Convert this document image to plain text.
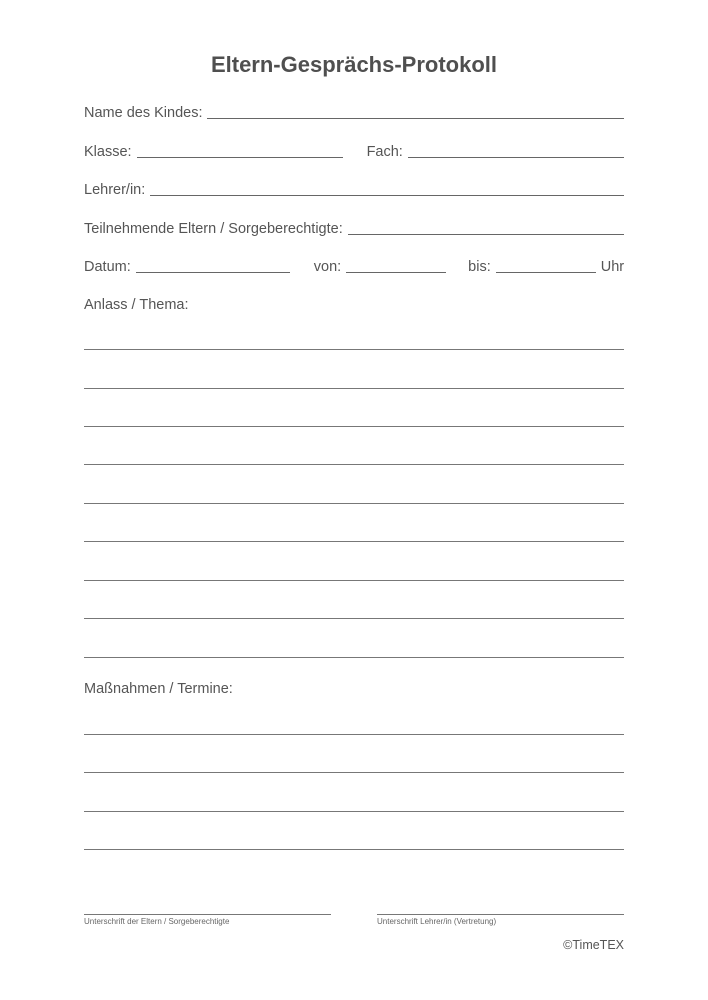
Eltern-Gesprächs-Protokoll
Name des Kindes:
Klasse:	Fach:
Lehrer/in:
Teilnehmende Eltern / Sorgeberechtigte:
Datum:	von:	bis:	Uhr
Anlass / Thema:
Maßnahmen / Termine:
Unterschrift der Eltern / Sorgeberechtigte	Unterschrift Lehrer/in (Vertretung)
©TimeTEX
